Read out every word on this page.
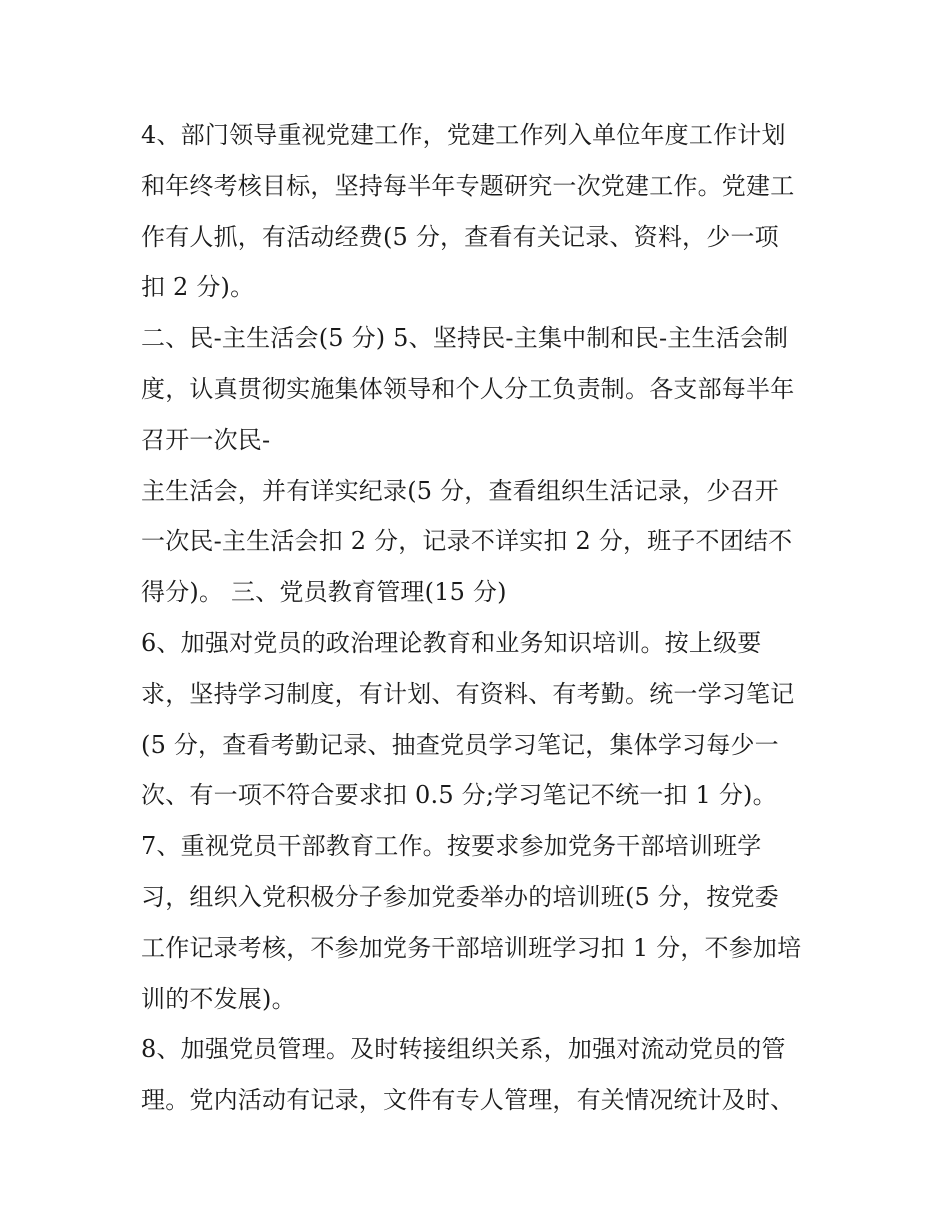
4、部门领导重视党建工作，党建工作列入单位年度工作计划
和年终考核目标，坚持每半年专题研究一次党建工作。党建工
作有人抓，有活动经费(5 分，查看有关记录、资料，少一项
扣 2 分)。
二、民-主生活会(5 分) 5、坚持民-主集中制和民-主生活会制
度，认真贯彻实施集体领导和个人分工负责制。各支部每半年
召开一次民-
主生活会，并有详实纪录(5 分，查看组织生活记录，少召开
一次民-主生活会扣 2 分，记录不详实扣 2 分，班子不团结不
得分)。 三、党员教育管理(15 分)
6、加强对党员的政治理论教育和业务知识培训。按上级要
求，坚持学习制度，有计划、有资料、有考勤。统一学习笔记
(5 分，查看考勤记录、抽查党员学习笔记，集体学习每少一
次、有一项不符合要求扣 0.5 分;学习笔记不统一扣 1 分)。
7、重视党员干部教育工作。按要求参加党务干部培训班学
习，组织入党积极分子参加党委举办的培训班(5 分，按党委
工作记录考核，不参加党务干部培训班学习扣 1 分，不参加培
训的不发展)。
8、加强党员管理。及时转接组织关系，加强对流动党员的管
理。党内活动有记录，文件有专人管理，有关情况统计及时、
